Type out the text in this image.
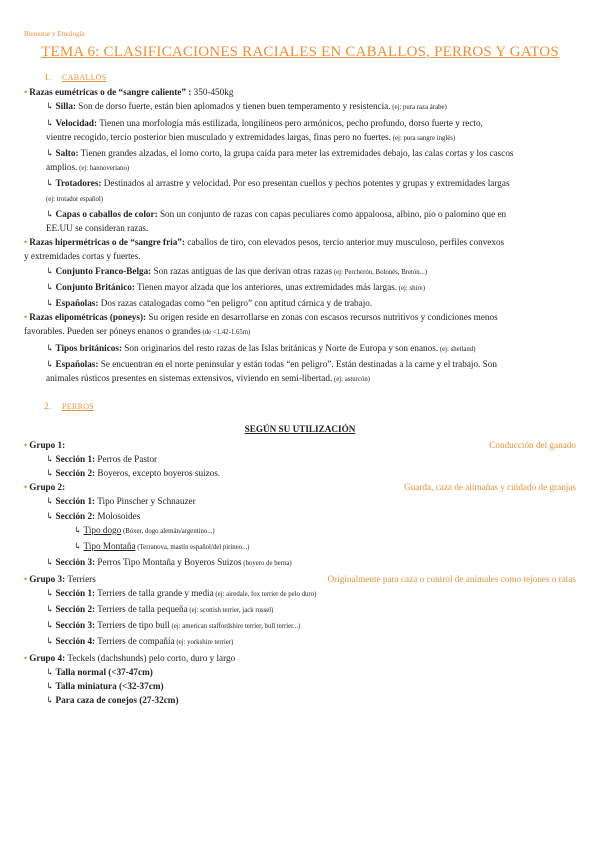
Bienestar y Etnología
TEMA 6: CLASIFICACIONES RACIALES EN CABALLOS, PERROS Y GATOS
1. CABALLOS

• Razas eumétricas o de “sangre caliente” : 350-450kg

↳ Silla: Son de dorso fuerte, están bien aplomados y tienen buen temperamento y resistencia. (ej: pura raza árabe)

↳ Velocidad: Tienen una morfología más estilizada, longilíneos pero armónicos, pecho profundo, dorso fuerte y recto,

vientre recogido, tercio posterior bien musculado y extremidades largas, finas pero no fuertes. (ej: pura sangre inglés)

↳ Salto: Tienen grandes alzadas, el lomo corto, la grupa caída para meter las extremidades debajo, las calas cortas y los cascos

amplios. (ej: hannoveriano)

↳ Trotadores: Destinados al arrastre y velocidad. Por eso presentan cuellos y pechos potentes y grupas y extremidades largas

(ej: trotador español)

↳ Capas o caballos de color: Son un conjunto de razas con capas peculiares como appaloosa, albino, pío o palomino que en

EE.UU se consideran razas.

• Razas hipermétricas o de “sangre fría”: caballos de tiro, con elevados pesos, tercio anterior muy musculoso, perfiles convexos

y extremidades cortas y fuertes.

↳ Conjunto Franco-Belga: Son razas antiguas de las que derivan otras razas (ej: Percherón, Bolonés, Bretón...)

↳ Conjunto Británico: Tienen mayor alzada que los anteriores, unas extremidades más largas. (ej: shire)

↳ Españolas: Dos razas catalogadas como “en peligro” con aptitud cárnica y de trabajo.

• Razas elipométricas (poneys): Su origen reside en desarrollarse en zonas con escasos recursos nutritivos y condiciones menos

favorables. Pueden ser póneys enanos o grandes (de <1.42-1.65m)

↳ Tipos británicos: Son originarios del resto razas de las Islas británicas y Norte de Europa y son enanos. (ej: shetland)

↳ Españolas: Se encuentran en el norte peninsular y están todas “en peligro”. Están destinadas a la carne y el trabajo. Son

animales rústicos presentes en sistemas extensivos, viviendo en semi-libertad. (ej: asturcón)

2. PERROS
SEGÚN SU UTILIZACIÓN
• Grupo 1:	Conducción del ganado

↳ Sección 1: Perros de Pastor

↳ Sección 2: Boyeros, excepto boyeros suizos.

• Grupo 2:	Guarda, caza de alimañas y cuidado de granjas

↳ Sección 1: Tipo Pinscher y Schnauzer

↳ Sección 2: Molosoides

↳ Tipo dogo (Bóxer, dogo alemán/argentino...)

↳ Tipo Montaña (Terranova, mastín español/del pirineo...)

↳ Sección 3: Perros Tipo Montaña y Boyeros Suizos (boyero de berna)

• Grupo 3: Terriers	Originalmente para caza o control de animales como tejones o ratas

↳ Sección 1: Terriers de talla grande y media (ej: airedale, fox terrier de pelo duro)

↳ Sección 2: Terriers de talla pequeña (ej: scottish terrier, jack russel)

↳ Sección 3: Terriers de tipo bull (ej: american staffordshire terrier, bull terrier...)

↳ Sección 4: Terriers de compañía (ej: yorkshire terrier)

• Grupo 4: Teckels (dachshunds) pelo corto, duro y largo

↳ Talla normal (<37-47cm)

↳ Talla miniatura (<32-37cm)

↳ Para caza de conejos (27-32cm)
